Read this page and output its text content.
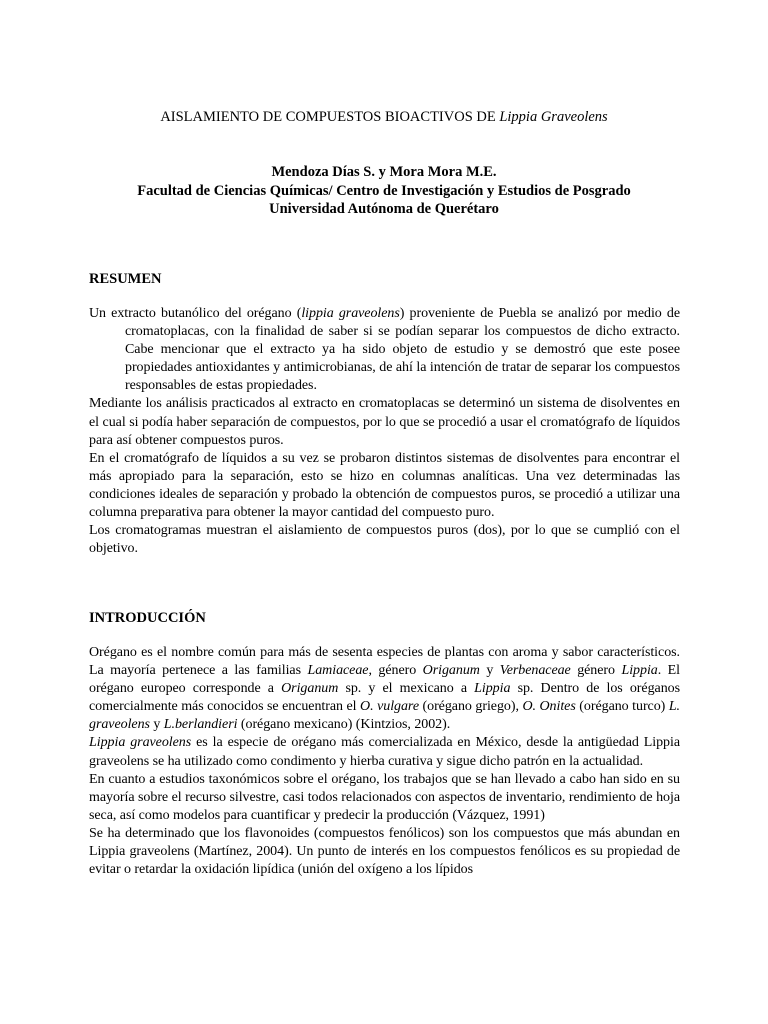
AISLAMIENTO DE COMPUESTOS BIOACTIVOS DE Lippia Graveolens
Mendoza Días S. y Mora Mora M.E.
Facultad de Ciencias Químicas/ Centro de Investigación y Estudios de Posgrado
Universidad Autónoma de Querétaro
RESUMEN

Un extracto butanólico del orégano (lippia graveolens) proveniente de Puebla se analizó por medio de cromatoplacas, con la finalidad de saber si se podían separar los compuestos de dicho extracto. Cabe mencionar que el extracto ya ha sido objeto de estudio y se demostró que este posee propiedades antioxidantes y antimicrobianas, de ahí la intención de tratar de separar los compuestos responsables de estas propiedades.

Mediante los análisis practicados al extracto en cromatoplacas se determinó un sistema de disolventes en el cual si podía haber separación de compuestos, por lo que se procedió a usar el cromatógrafo de líquidos para así obtener compuestos puros.

En el cromatógrafo de líquidos a su vez se probaron distintos sistemas de disolventes para encontrar el más apropiado para la separación, esto se hizo en columnas analíticas. Una vez determinadas las condiciones ideales de separación y probado la obtención de compuestos puros, se procedió a utilizar una columna preparativa para obtener la mayor cantidad del compuesto puro.

Los cromatogramas muestran el aislamiento de compuestos puros (dos), por lo que se cumplió con el objetivo.

INTRODUCCIÓN

Orégano es el nombre común para más de sesenta especies de plantas con aroma y sabor característicos. La mayoría pertenece a las familias Lamiaceae, género Origanum y Verbenaceae género Lippia. El orégano europeo corresponde a Origanum sp. y el mexicano a Lippia sp. Dentro de los oréganos comercialmente más conocidos se encuentran el O. vulgare (orégano griego), O. Onites (orégano turco) L. graveolens y L.berlandieri (orégano mexicano) (Kintzios, 2002).

Lippia graveolens es la especie de orégano más comercializada en México, desde la antigüedad Lippia graveolens se ha utilizado como condimento y hierba curativa y sigue dicho patrón en la actualidad.

En cuanto a estudios taxonómicos sobre el orégano, los trabajos que se han llevado a cabo han sido en su mayoría sobre el recurso silvestre, casi todos relacionados con aspectos de inventario, rendimiento de hoja seca, así como modelos para cuantificar y predecir la producción (Vázquez, 1991)

Se ha determinado que los flavonoides (compuestos fenólicos) son los compuestos que más abundan en Lippia graveolens (Martínez, 2004). Un punto de interés en los compuestos fenólicos es su propiedad de evitar o retardar la oxidación lipídica (unión del oxígeno a los lípidos
